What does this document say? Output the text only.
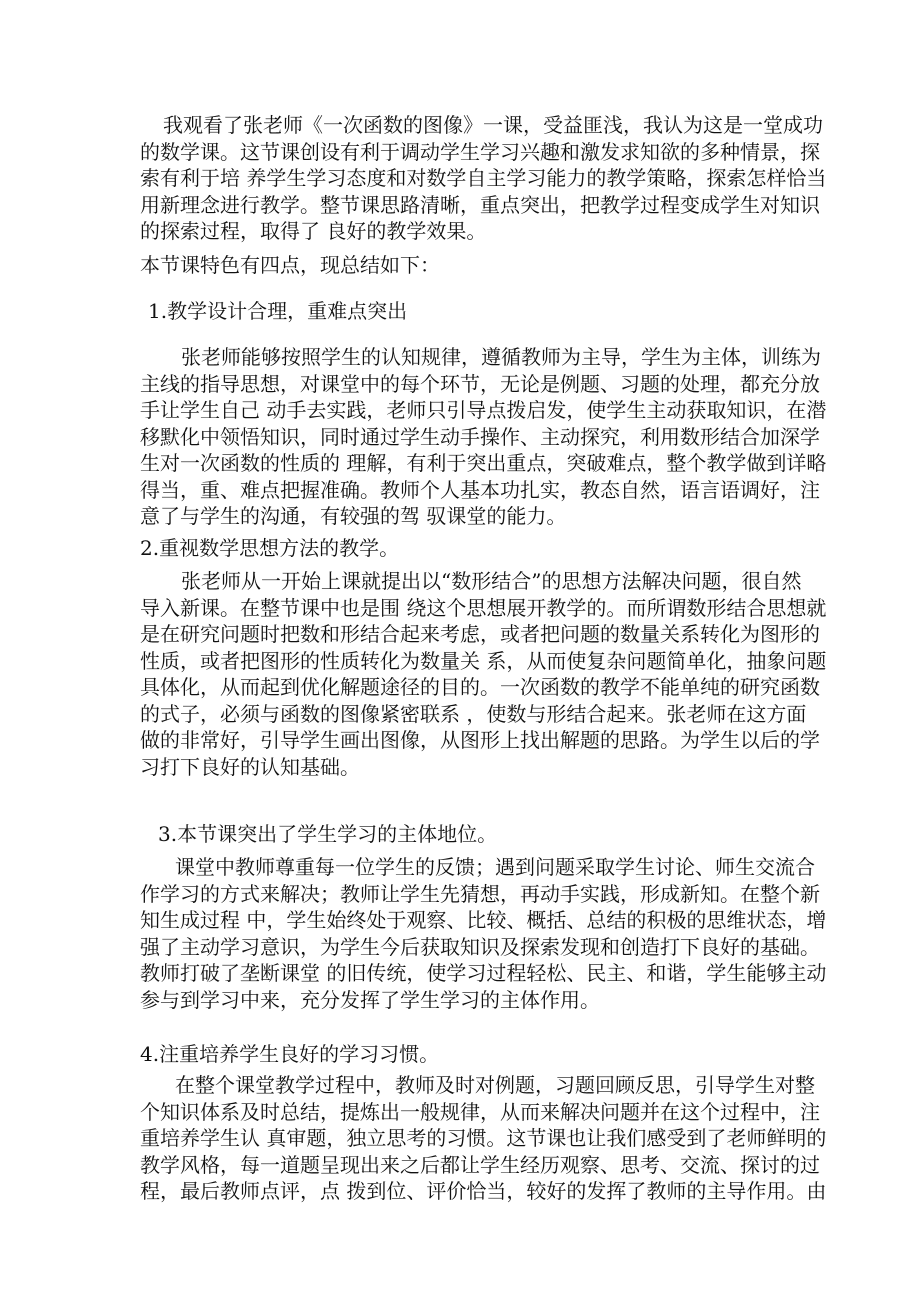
我观看了张老师《一次函数的图像》一课，受益匪浅，我认为这是一堂成功
的数学课。这节课创设有利于调动学生学习兴趣和激发求知欲的多种情景，探
索有利于培 养学生学习态度和对数学自主学习能力的教学策略，探索怎样恰当
用新理念进行教学。整节课思路清晰，重点突出，把教学过程变成学生对知识
的探索过程，取得了 良好的教学效果。
本节课特色有四点，现总结如下：
1.教学设计合理，重难点突出
张老师能够按照学生的认知规律，遵循教师为主导，学生为主体，训练为
主线的指导思想，对课堂中的每个环节，无论是例题、习题的处理，都充分放
手让学生自己 动手去实践，老师只引导点拨启发，使学生主动获取知识，在潜
移默化中领悟知识，同时通过学生动手操作、主动探究，利用数形结合加深学
生对一次函数的性质的 理解，有利于突出重点，突破难点，整个教学做到详略
得当，重、难点把握准确。教师个人基本功扎实，教态自然，语言语调好，注
意了与学生的沟通，有较强的驾 驭课堂的能力。
2.重视数学思想方法的教学。
张老师从一开始上课就提出以“数形结合”的思想方法解决问题，很自然
导入新课。在整节课中也是围 绕这个思想展开教学的。而所谓数形结合思想就
是在研究问题时把数和形结合起来考虑，或者把问题的数量关系转化为图形的
性质，或者把图形的性质转化为数量关 系，从而使复杂问题简单化，抽象问题
具体化，从而起到优化解题途径的目的。一次函数的教学不能单纯的研究函数
的式子，必须与函数的图像紧密联系 ，使数与形结合起来。张老师在这方面
做的非常好，引导学生画出图像，从图形上找出解题的思路。为学生以后的学
习打下良好的认知基础。
3.本节课突出了学生学习的主体地位。
课堂中教师尊重每一位学生的反馈；遇到问题采取学生讨论、师生交流合
作学习的方式来解决；教师让学生先猜想，再动手实践，形成新知。在整个新
知生成过程 中，学生始终处于观察、比较、概括、总结的积极的思维状态，增
强了主动学习意识，为学生今后获取知识及探索发现和创造打下良好的基础。
教师打破了垄断课堂 的旧传统，使学习过程轻松、民主、和谐，学生能够主动
参与到学习中来，充分发挥了学生学习的主体作用。
4.注重培养学生良好的学习习惯。
在整个课堂教学过程中，教师及时对例题，习题回顾反思，引导学生对整
个知识体系及时总结，提炼出一般规律，从而来解决问题并在这个过程中，注
重培养学生认 真审题，独立思考的习惯。这节课也让我们感受到了老师鲜明的
教学风格，每一道题呈现出来之后都让学生经历观察、思考、交流、探讨的过
程，最后教师点评，点 拨到位、评价恰当，较好的发挥了教师的主导作用。由
